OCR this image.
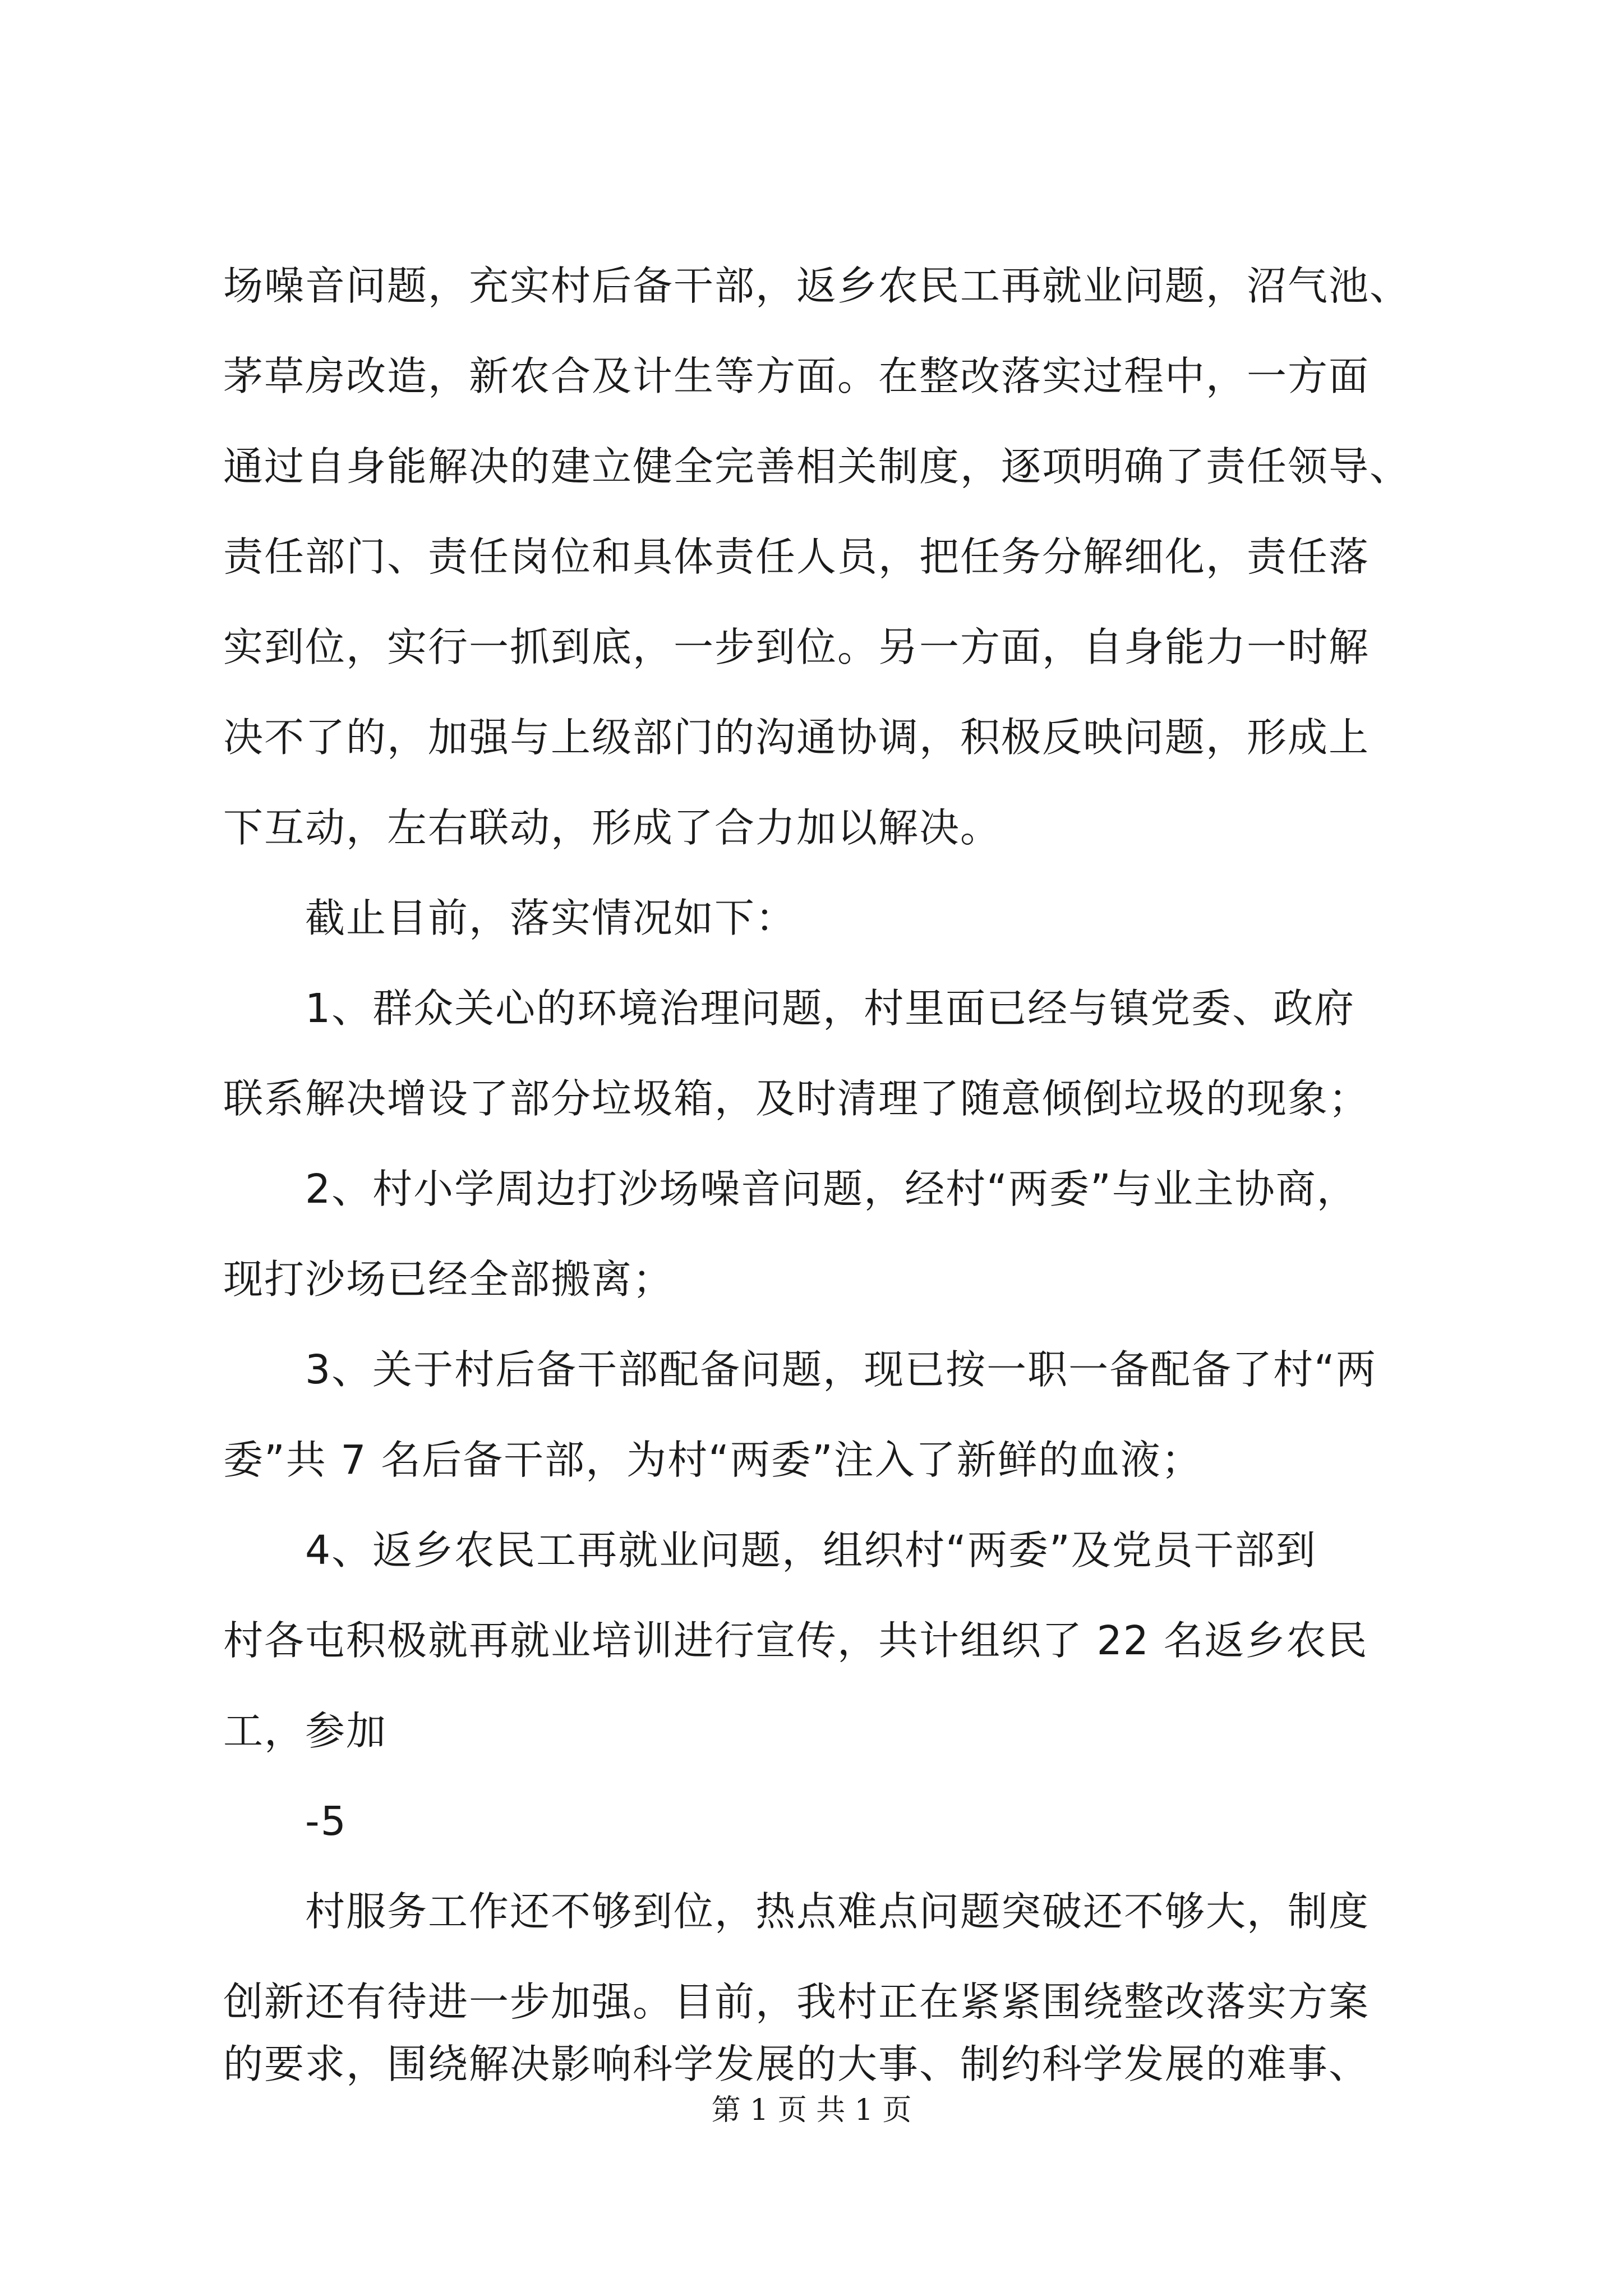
场噪音问题，充实村后备干部，返乡农民工再就业问题，沼气池、
茅草房改造，新农合及计生等方面。在整改落实过程中，一方面
通过自身能解决的建立健全完善相关制度，逐项明确了责任领导、
责任部门、责任岗位和具体责任人员，把任务分解细化，责任落
实到位，实行一抓到底，一步到位。另一方面，自身能力一时解
决不了的，加强与上级部门的沟通协调，积极反映问题，形成上
下互动，左右联动，形成了合力加以解决。
　　截止目前，落实情况如下：
　　1、群众关心的环境治理问题，村里面已经与镇党委、政府
联系解决增设了部分垃圾箱，及时清理了随意倾倒垃圾的现象；
　　2、村小学周边打沙场噪音问题，经村“两委”与业主协商，
现打沙场已经全部搬离；
　　3、关于村后备干部配备问题，现已按一职一备配备了村“两
委”共 7 名后备干部，为村“两委”注入了新鲜的血液；
　　4、返乡农民工再就业问题，组织村“两委”及党员干部到
村各屯积极就再就业培训进行宣传，共计组织了 22 名返乡农民
工，参加
　　-5
　　村服务工作还不够到位，热点难点问题突破还不够大，制度
创新还有待进一步加强。目前，我村正在紧紧围绕整改落实方案
的要求，围绕解决影响科学发展的大事、制约科学发展的难事、
第 1 页 共 1 页
